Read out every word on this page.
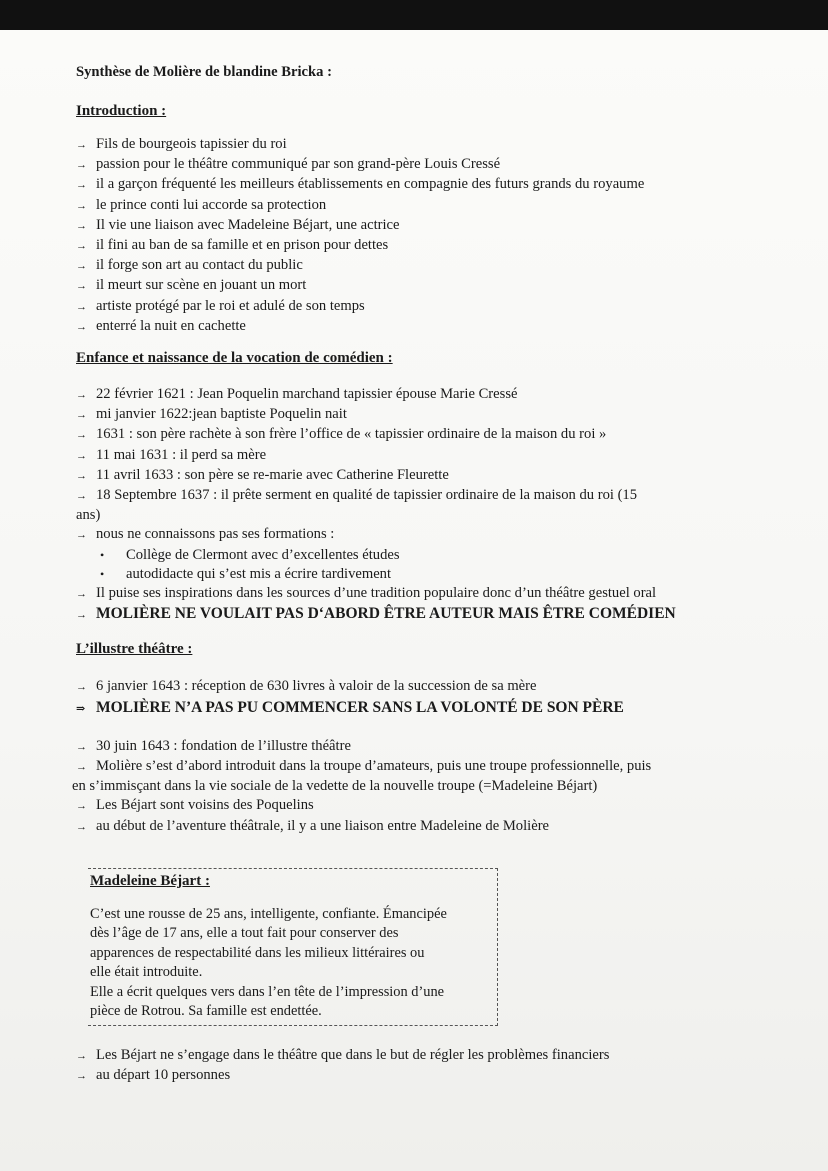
Synthèse de Molière de blandine Bricka :
Introduction :
→ Fils de bourgeois tapissier du roi
→ passion pour le théâtre communiqué par son grand-père Louis Cressé
→ il a garçon fréquenté les meilleurs établissements en compagnie des futurs grands du royaume
→ le prince conti lui accorde sa protection
→ Il vie une liaison avec Madeleine Béjart, une actrice
→ il fini au ban de sa famille et en prison pour dettes
→ il forge son art au contact du public
→ il meurt sur scène en jouant un mort
→ artiste protégé par le roi et adulé de son temps
→ enterré la nuit en cachette
Enfance et naissance de la vocation de comédien :
→ 22 février 1621 : Jean Poquelin marchand tapissier épouse Marie Cressé
→ mi janvier 1622:jean baptiste Poquelin nait
→ 1631 : son père rachète à son frère l’office de « tapissier ordinaire de la maison du roi »
→ 11 mai 1631 : il perd sa mère
→ 11 avril 1633 : son père se re-marie avec Catherine Fleurette
→ 18 Septembre 1637 : il prête serment en qualité de tapissier ordinaire de la maison du roi (15
ans)
→ nous ne connaissons pas ses formations :
• Collège de Clermont avec d’excellentes études
• autodidacte qui s’est mis a écrire tardivement
→ Il puise ses inspirations dans les sources d’une tradition populaire donc d’un théâtre gestuel oral
→ MOLIÈRE NE VOULAIT PAS D‘ABORD ÊTRE AUTEUR MAIS ÊTRE COMÉDIEN
L’illustre théâtre :
→ 6 janvier 1643 : réception de 630 livres à valoir de la succession de sa mère
⇒ MOLIÈRE N’A PAS PU COMMENCER SANS LA VOLONTÉ DE SON PÈRE
→ 30 juin 1643 : fondation de l’illustre théâtre
→ Molière s’est d’abord introduit dans la troupe d’amateurs, puis une troupe professionnelle, puis
en s’immisçant dans la vie sociale de la vedette de la nouvelle troupe (=Madeleine Béjart)
→ Les Béjart sont voisins des Poquelins
→ au début de l’aventure théâtrale, il y a une liaison entre Madeleine de Molière
Madeleine Béjart :

C’est une rousse de 25 ans, intelligente, confiante. Émancipée

dès l’âge de 17 ans, elle a tout fait pour conserver des

apparences de respectabilité dans les milieux littéraires ou

elle était introduite.

Elle a écrit quelques vers dans l’en tête de l’impression d’une

pièce de Rotrou. Sa famille est endettée.

→ Les Béjart ne s’engage dans le théâtre que dans le but de régler les problèmes financiers
→ au départ 10 personnes
